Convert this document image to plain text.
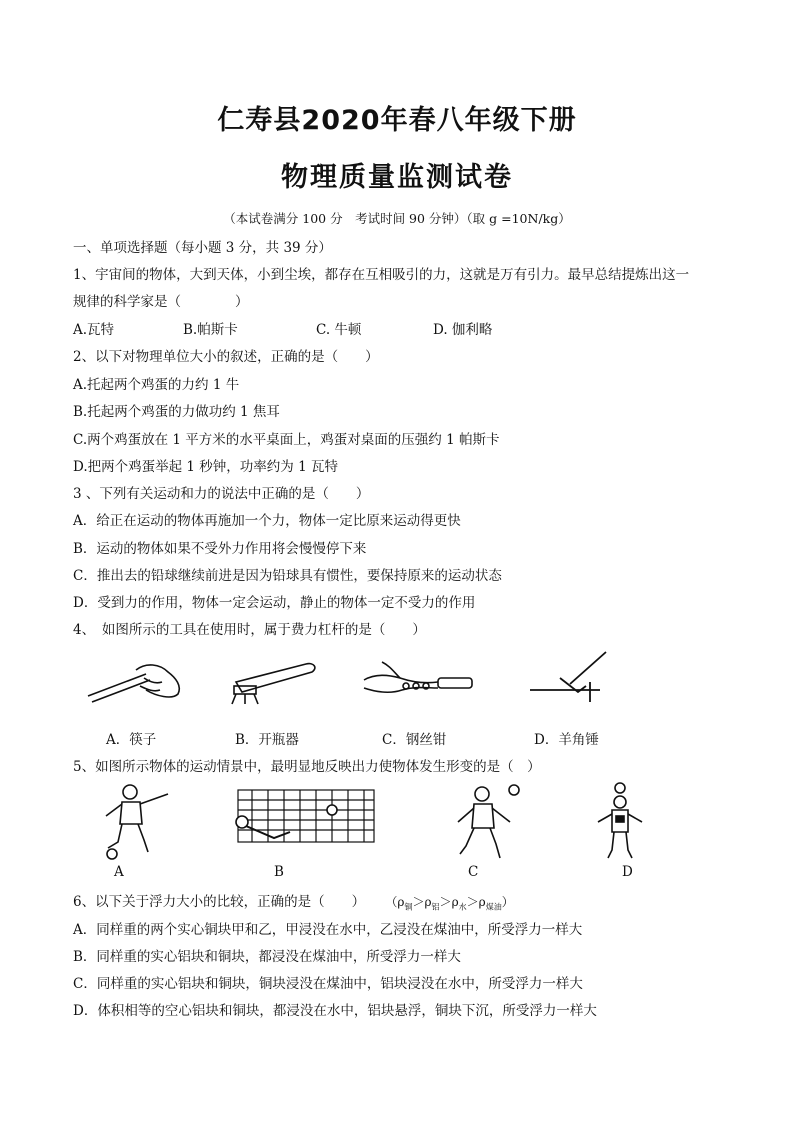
仁寿县2020年春八年级下册
物理质量监测试卷
（本试卷满分 100 分　考试时间 90 分钟）（取 g =10N/kg）
一、单项选择题（每小题 3 分，共 39 分）
1、宇宙间的物体，大到天体，小到尘埃，都存在互相吸引的力，这就是万有引力。最早总结提炼出这一
规律的科学家是（　　　　）
A.瓦特	B.帕斯卡	C. 牛顿	D. 伽利略
2、以下对物理单位大小的叙述，正确的是（　　）
A.托起两个鸡蛋的力约 1 牛
B.托起两个鸡蛋的力做功约 1 焦耳
C.两个鸡蛋放在 1 平方米的水平桌面上，鸡蛋对桌面的压强约 1 帕斯卡
D.把两个鸡蛋举起 1 秒钟，功率约为 1 瓦特
3 、下列有关运动和力的说法中正确的是（　　）
A．给正在运动的物体再施加一个力，物体一定比原来运动得更快
B．运动的物体如果不受外力作用将会慢慢停下来
C．推出去的铅球继续前进是因为铅球具有惯性，要保持原来的运动状态
D．受到力的作用，物体一定会运动，静止的物体一定不受力的作用
4、　如图所示的工具在使用时，属于费力杠杆的是（　　）
A．筷子	B．开瓶器	C．钢丝钳	D．羊角锤
5、如图所示物体的运动情景中，最明显地反映出力使物体发生形变的是（　）
A	B	C	D
6、以下关于浮力大小的比较，正确的是（　　） $(\rho_铜>\rho_铝>\rho_水>\rho_{煤油})$
A．同样重的两个实心铜块甲和乙，甲浸没在水中，乙浸没在煤油中，所受浮力一样大
B．同样重的实心铝块和铜块，都浸没在煤油中，所受浮力一样大
C．同样重的实心铝块和铜块，铜块浸没在煤油中，铝块浸没在水中，所受浮力一样大
D．体积相等的空心铝块和铜块，都浸没在水中，铝块悬浮，铜块下沉，所受浮力一样大
